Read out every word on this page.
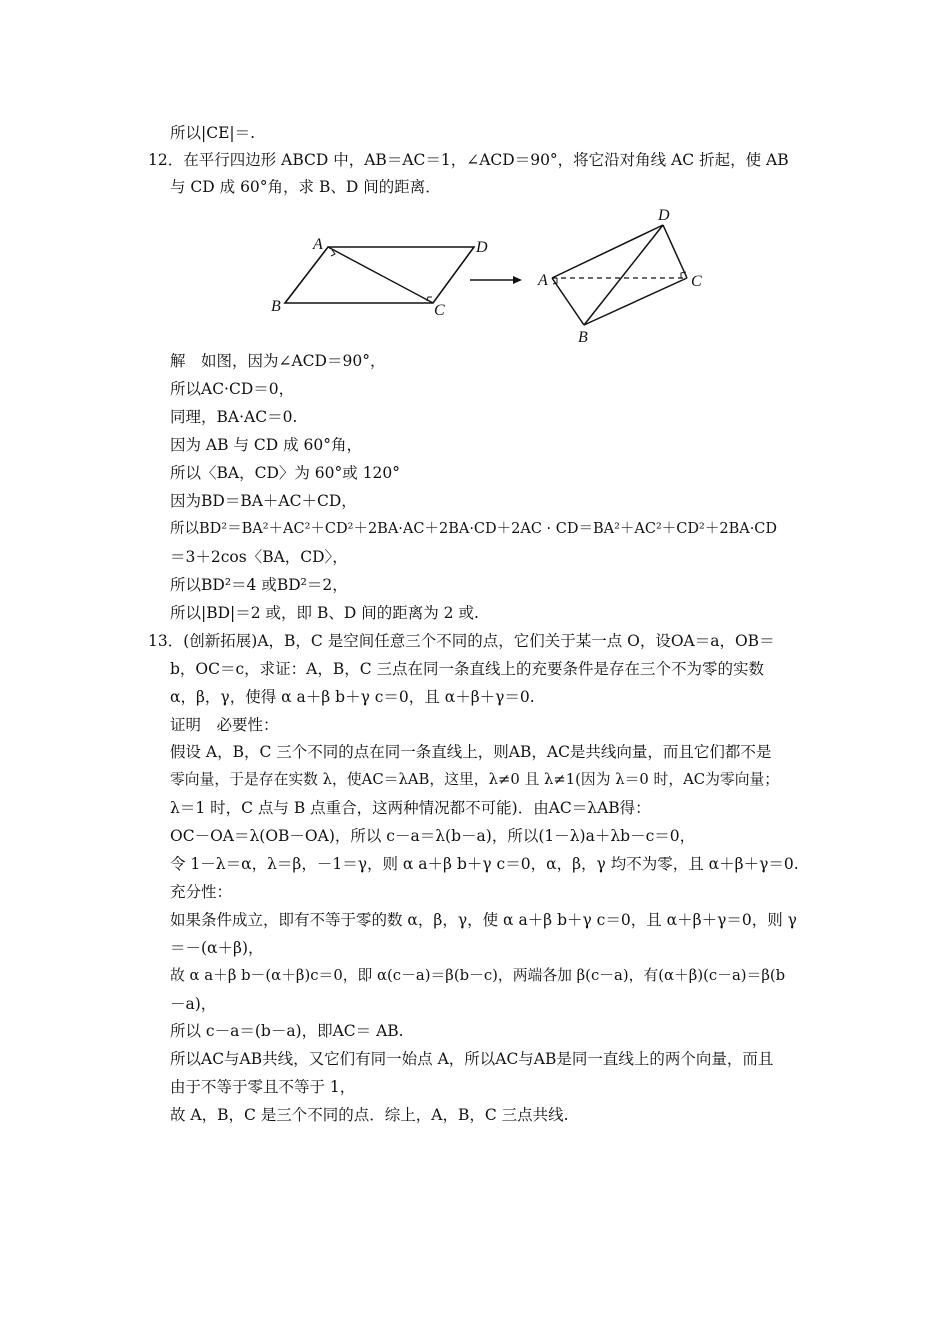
所以|CE|＝.
12．在平行四边形 ABCD 中，AB＝AC＝1，∠ACD＝90°，将它沿对角线 AC 折起，使 AB
与 CD 成 60°角，求 B、D 间的距离．
A	D
B	C
A
D
C
B
解　如图，因为∠ACD＝90°，
所以AC·CD＝0，
同理，BA·AC＝0.
因为 AB 与 CD 成 60°角，
所以〈BA，CD〉为 60°或 120°
因为BD＝BA＋AC＋CD，
所以BD²＝BA²＋AC²＋CD²＋2BA·AC＋2BA·CD＋2AC · CD＝BA²＋AC²＋CD²＋2BA·CD
＝3＋2cos〈BA，CD〉，
所以BD²＝4 或BD²＝2，
所以|BD|＝2 或，即 B、D 间的距离为 2 或.
13．(创新拓展)A，B，C 是空间任意三个不同的点，它们关于某一点 O，设OA＝a，OB＝
b，OC＝c，求证：A，B，C 三点在同一条直线上的充要条件是存在三个不为零的实数
α，β，γ，使得 α a＋β b＋γ c＝0，且 α＋β＋γ＝0.
证明　必要性：
假设 A，B，C 三个不同的点在同一条直线上，则AB，AC是共线向量，而且它们都不是
零向量，于是存在实数 λ，使AC＝λAB，这里，λ≠0 且 λ≠1(因为 λ＝0 时，AC为零向量；
λ＝1 时，C 点与 B 点重合，这两种情况都不可能)．由AC＝λAB得：
OC－OA＝λ(OB－OA)，所以 c－a＝λ(b－a)，所以(1－λ)a＋λb－c＝0，
令 1－λ＝α，λ＝β，－1＝γ，则 α a＋β b＋γ c＝0，α，β，γ 均不为零，且 α＋β＋γ＝0.
充分性：
如果条件成立，即有不等于零的数 α，β，γ，使 α a＋β b＋γ c＝0，且 α＋β＋γ＝0，则 γ
＝－(α＋β)，
故 α a＋β b－(α＋β)c＝0，即 α(c－a)＝β(b－c)，两端各加 β(c－a)，有(α＋β)(c－a)＝β(b
－a)，
所以 c－a＝(b－a)，即AC＝ AB.
所以AC与AB共线，又它们有同一始点 A，所以AC与AB是同一直线上的两个向量，而且
由于不等于零且不等于 1，
故 A，B，C 是三个不同的点．综上，A，B，C 三点共线.
